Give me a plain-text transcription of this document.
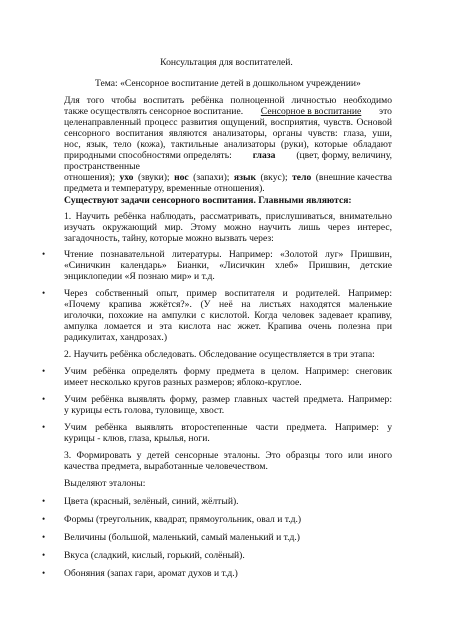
Консультация для воспитателей.
Тема: «Сенсорное воспитание детей в дошкольном учреждении»
Для того чтобы воспитать ребёнка полноценной личностью необходимо
также осуществлять сенсорное воспитание. Сенсорное в воспитание это
целенаправленный процесс развития ощущений, восприятия, чувств. Основой
сенсорного воспитания являются анализаторы, органы чувств: глаза, уши,
нос, язык, тело (кожа), тактильные анализаторы (руки), которые обладают
природными способностями определять: глаза (цвет, форму, величину,
пространственные
отношения); ухо (звуки); нос (запахи); язык (вкус); тело (внешние качества
предмета и температуру, временные отношения).
Существуют задачи сенсорного воспитания. Главными являются:
1. Научить ребёнка наблюдать, рассматривать, прислушиваться, внимательно
изучать окружающий мир. Этому можно научить лишь через интерес,
загадочность, тайну, которые можно вызвать через:
• Чтение познавательной литературы. Например: «Золотой луг» Пришвин,
«Синичкин календарь» Бианки, «Лисичкин хлеб» Пришвин, детские
энциклопедии «Я познаю мир» и т.д.
• Через собственный опыт, пример воспитателя и родителей. Например:
«Почему крапива жжётся?». (У неё на листьях находятся маленькие
иголочки, похожие на ампулки с кислотой. Когда человек задевает крапиву,
ампулка ломается и эта кислота нас жжет. Крапива очень полезна при
радикулитах, хандрозах.)
2. Научить ребёнка обследовать. Обследование осуществляется в три этапа:
• Учим ребёнка определять форму предмета в целом. Например: снеговик
имеет несколько кругов разных размеров; яблоко-круглое.
• Учим ребёнка выявлять форму, размер главных частей предмета. Например:
у курицы есть голова, туловище, хвост.
• Учим ребёнка выявлять второстепенные части предмета. Например: у
курицы - клюв, глаза, крылья, ноги.
3. Формировать у детей сенсорные эталоны. Это образцы того или иного
качества предмета, выработанные человечеством.
Выделяют эталоны:
• Цвета (красный, зелёный, синий, жёлтый).
• Формы (треугольник, квадрат, прямоугольник, овал и т.д.)
• Величины (большой, маленький, самый маленький и т.д.)
• Вкуса (сладкий, кислый, горький, солёный).
• Обоняния (запах гари, аромат духов и т.д.)
